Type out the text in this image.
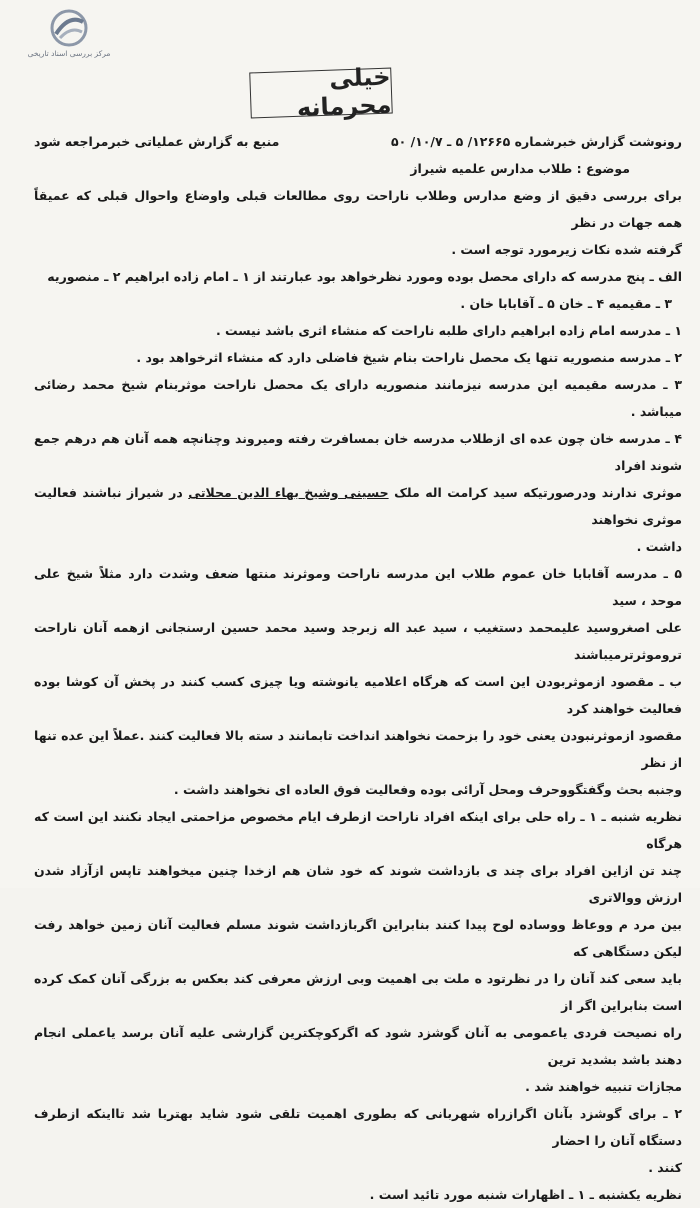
مرکز بررسی اسناد تاریخی
خیلی محرمانه
رونوشت گزارش خبرشماره ۱۲۶۶۵/ ۵ ـ ۱۰/۷/ ۵۰
منبع به گزارش عملیاتی خبرمراجعه شود
موضوع : طلاب مدارس علمیه شیراز

برای بررسی دقیق از وضع مدارس وطلاب ناراحت روی مطالعات قبلی واوضاع واحوال قبلی که عمیقاً همه جهات در نظر

گرفته شده نکات زیرمورد توجه است .

الف ـ پنج مدرسه که دارای محصل بوده ومورد نظرخواهد بود عبارتند از ۱ ـ امام زاده ابراهیم ۲ ـ منصوریه

۳ ـ مقیمیه ۴ ـ خان ۵ ـ آقابابا خان .

۱ ـ مدرسه امام زاده ابراهیم دارای طلبه ناراحت که منشاء اثری باشد نیست .

۲ ـ مدرسه منصوریه تنها یک محصل ناراحت بنام شیخ فاضلی دارد که منشاء اثرخواهد بود .

۳ ـ مدرسه مقیمیه این مدرسه نیزمانند منصوریه دارای یک محصل ناراحت موثربنام شیخ محمد رضائی میباشد .

۴ ـ مدرسه خان چون عده ای ازطلاب مدرسه خان بمسافرت رفته ومیروند وچنانچه همه آنان هم درهم جمع شوند افراد

موثری ندارند ودرصورتیکه سید کرامت اله ملک حسینی وشیخ بهاء الدین محلاتی در شیراز نباشند فعالیت موثری نخواهند

داشت .

۵ ـ مدرسه آقابابا خان عموم طلاب این مدرسه ناراحت وموثرند منتها ضعف وشدت دارد مثلاً شیخ علی موحد ، سید

علی اصغروسید علیمحمد دستغیب ، سید عبد اله زبرجد وسید محمد حسین ارسنجانی ازهمه آنان ناراحت تروموثرترمیباشند

ب ـ مقصود ازموثربودن این است که هرگاه اعلامیه یانوشته ویا چیزی کسب کنند در پخش آن کوشا بوده فعالیت خواهند کرد

مقصود ازموثرنبودن یعنی خود را بزحمت نخواهند انداخت تابمانند د سته بالا فعالیت کنند .عملاً این عده تنها از نظر

وجنبه بحث وگفتگووحرف ومحل آرائی بوده وفعالیت فوق العاده ای نخواهند داشت .

نظریه شنبه ـ ۱ ـ راه حلی برای اینکه افراد ناراحت ازطرف ایام مخصوص مزاحمتی ایجاد نکنند این است که هرگاه

چند تن ازاین افراد برای چند ی بازداشت شوند که خود شان هم ازخدا چنین میخواهند تاپس ازآزاد شدن ارزش ووالاتری

بین مرد م ووعاظ ووساده لوح پیدا کنند بنابراین اگربازداشت شوند مسلم فعالیت آنان زمین خواهد رفت لیکن دستگاهی که

باید سعی کند آنان را در نظرتود ه ملت بی اهمیت وبی ارزش معرفی کند بعکس به بزرگی آنان کمک کرده است بنابراین اگر از

راه نصیحت فردی یاعمومی به آنان گوشزد شود که اگرکوچکترین گزارشی علیه آنان برسد یاعملی انجام دهند باشد بشدید ترین

مجازات تنبیه خواهند شد .

۲ ـ برای گوشزد بآنان اگرازراه شهربانی که بطوری اهمیت تلقی شود شاید بهتربا شد تااینکه ازطرف دستگاه آنان را احضار

کنند .

نظریه یکشنبه ـ ۱ ـ اظهارات شنبه مورد تائید است .
